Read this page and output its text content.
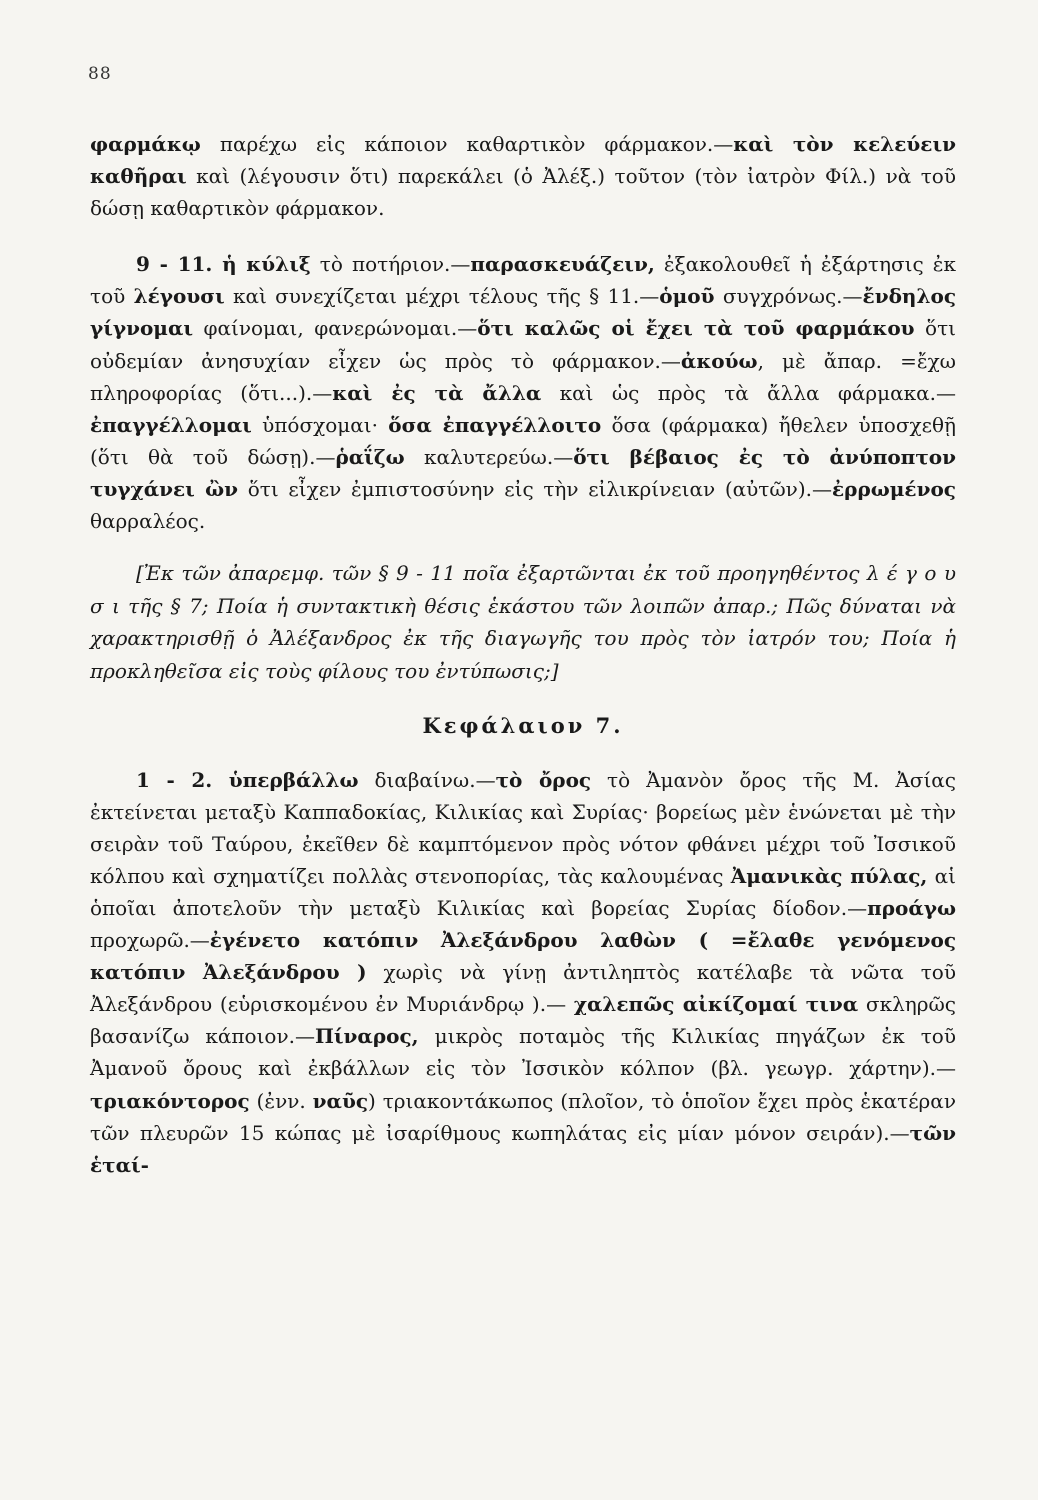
88

φαρμάκῳ παρέχω εἰς κάποιον καθαρτικὸν φάρμακον.—καὶ τὸν κελεύειν καθῆραι καὶ (λέγουσιν ὅτι) παρεκάλει (ὁ Ἀλέξ.) τοῦτον (τὸν ἰατρὸν Φίλ.) νὰ τοῦ δώσῃ καθαρτικὸν φάρμακον.

9 - 11. ἡ κύλιξ τὸ ποτήριον.—παρασκευάζειν, ἐξακολουθεῖ ἡ ἐξάρτησις ἐκ τοῦ λέγουσι καὶ συνεχίζεται μέχρι τέλους τῆς § 11.—ὁμοῦ συγχρόνως.—ἔνδηλος γίγνομαι φαίνομαι, φανερώνομαι.—ὅτι καλῶς οἱ ἔχει τὰ τοῦ φαρμάκου ὅτι οὐδεμίαν ἀνησυχίαν εἶχεν ὡς πρὸς τὸ φάρμακον.—ἀκούω, μὲ ἄπαρ. =ἔχω πληροφορίας (ὅτι...).—καὶ ἐς τὰ ἄλλα καὶ ὡς πρὸς τὰ ἄλλα φάρμακα.—ἐπαγγέλλομαι ὑπόσχομαι· ὅσα ἐπαγγέλλοιτο ὅσα (φάρμακα) ἤθελεν ὑποσχεθῇ (ὅτι θὰ τοῦ δώσῃ).—ῥαΐζω καλυτερεύω.—ὅτι βέβαιος ἐς τὸ ἀνύποπτον τυγχάνει ὢν ὅτι εἶχεν ἐμπιστοσύνην εἰς τὴν εἰλικρίνειαν (αὐτῶν).—ἐρρωμένος θαρραλέος.

[Ἐκ τῶν ἀπαρεμφ. τῶν § 9 - 11 ποῖα ἐξαρτῶνται ἐκ τοῦ προηγηθέντος λ έ γ ο υ σ ι τῆς § 7; Ποία ἡ συντακτικὴ θέσις ἑκάστου τῶν λοιπῶν ἀπαρ.; Πῶς δύναται νὰ χαρακτηρισθῇ ὁ Ἀλέξανδρος ἐκ τῆς διαγωγῆς του πρὸς τὸν ἰατρόν του; Ποία ἡ προκληθεῖσα εἰς τοὺς φίλους του ἐντύπωσις;]

Κεφάλαιον 7.

1 - 2. ὑπερβάλλω διαβαίνω.—τὸ ὄρος τὸ Ἀμανὸν ὄρος τῆς Μ. Ἀσίας ἐκτείνεται μεταξὺ Καππαδοκίας, Κιλικίας καὶ Συρίας· βορείως μὲν ἑνώνεται μὲ τὴν σειρὰν τοῦ Ταύρου, ἐκεῖθεν δὲ καμπτόμενον πρὸς νότον φθάνει μέχρι τοῦ Ἰσσικοῦ κόλπου καὶ σχηματίζει πολλὰς στενοπορίας, τὰς καλουμένας Ἀμανικὰς πύλας, αἱ ὁποῖαι ἀποτελοῦν τὴν μεταξὺ Κιλικίας καὶ βορείας Συρίας δίοδον.—προάγω προχωρῶ.—ἐγένετο κατόπιν Ἀλεξάνδρου λαθὼν ( =ἔλαθε γενόμενος κατόπιν Ἀλεξάνδρου ) χωρὶς νὰ γίνῃ ἀντιληπτὸς κατέλαβε τὰ νῶτα τοῦ Ἀλεξάνδρου (εὑρισκομένου ἐν Μυριάνδρῳ ).— χαλεπῶς αἰκίζομαί τινα σκληρῶς βασανίζω κάποιον.—Πίναρος, μικρὸς ποταμὸς τῆς Κιλικίας πηγάζων ἐκ τοῦ Ἀμανοῦ ὄρους καὶ ἐκβάλλων εἰς τὸν Ἰσσικὸν κόλπον (βλ. γεωγρ. χάρτην).—τριακόντορος (ἐνν. ναῦς) τριακοντάκωπος (πλοῖον, τὸ ὁποῖον ἔχει πρὸς ἑκατέραν τῶν πλευρῶν 15 κώπας μὲ ἰσαρίθμους κωπηλάτας εἰς μίαν μόνον σειράν).—τῶν ἑταί-
